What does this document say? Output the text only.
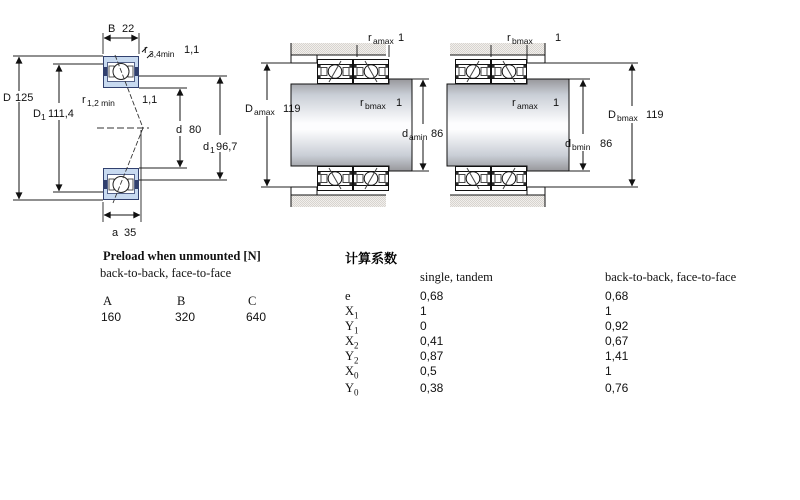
B 22
r 3,4min 1,1
D 125
D 1 111,4
r 1,2 min 1,1
d 80
d 1 96,7
a 35
r amax 1
D amax 119	r bmax 1
d amin 86
r bmax 1
r amax 1
d bmin 86
D bmax 119
Preload when unmounted [N]
back-to-back, face-to-face
A	B	C
160	320	640
计算系数
single, tandem	back-to-back, face-to-face
e	0,68	0,68
$X_1$	1	1
$Y_1$	0	0,92
$X_2$	0,41	0,67
$Y_2$	0,87	1,41
$X_0$	0,5	1
$Y_0$	0,38	0,76
